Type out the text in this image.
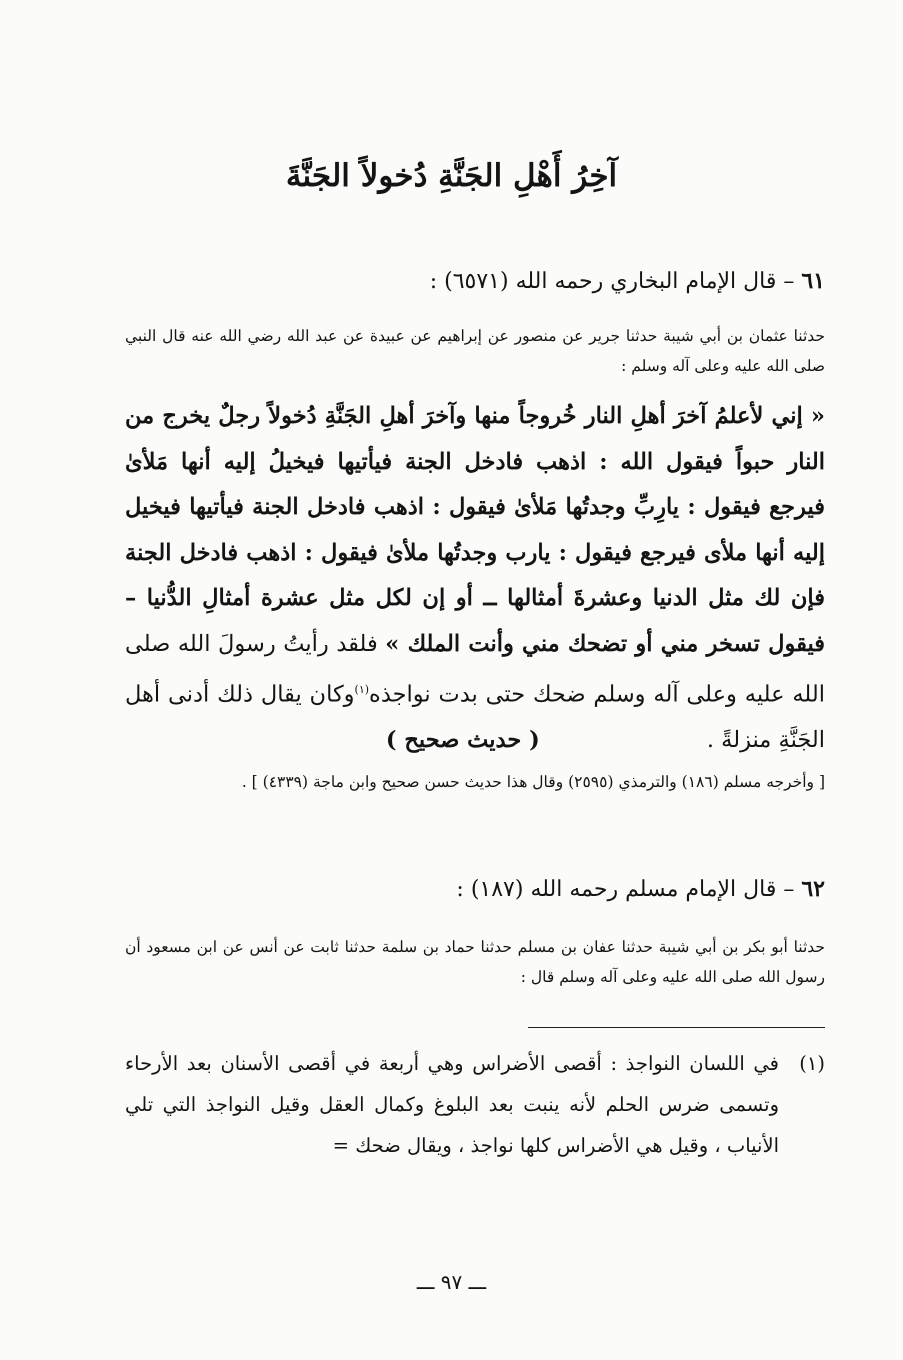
آخِرُ أَهْلِ الجَنَّةِ دُخولاً الجَنَّةَ
٦١ – قال الإمام البخاري رحمه الله (٦٥٧١) :
حدثنا عثمان بن أبي شيبة حدثنا جرير عن منصور عن إبراهيم عن عبيدة عن عبد الله رضي الله عنه قال النبي صلى الله عليه وعلى آله وسلم :
« إني لأعلمُ آخرَ أهلِ النار خُروجاً منها وآخرَ أهلِ الجَنَّةِ دُخولاً رجلٌ يخرج من النار حبواً فيقول الله : اذهب فادخل الجنة فيأتيها فيخيلُ إليه أنها مَلأىٰ فيرجع فيقول : يارِبِّ وجدتُها مَلأىٰ فيقول : اذهب فادخل الجنة فيأتيها فيخيل إليه أنها ملأى فيرجع فيقول : يارب وجدتُها ملأىٰ فيقول : اذهب فادخل الجنة فإن لك مثل الدنيا وعشرةَ أمثالها ــ أو إن لكل مثل عشرة أمثالِ الدُّنيا – فيقول تسخر مني أو تضحك مني وأنت الملك » فلقد رأيتُ رسولَ الله صلى الله عليه وعلى آله وسلم ضحك حتى بدت نواجذه$^{(١)}$وكان يقال ذلك أدنى أهل الجَنَّةِ منزلةً . ( حديث صحيح )
[ وأخرجه مسلم (١٨٦) والترمذي (٢٥٩٥) وقال هذا حديث حسن صحيح وابن ماجة (٤٣٣٩) ] .
٦٢ – قال الإمام مسلم رحمه الله (١٨٧) :
حدثنا أبو بكر بن أبي شيبة حدثنا عفان بن مسلم حدثنا حماد بن سلمة حدثنا ثابت عن أنس عن ابن مسعود أن رسول الله صلى الله عليه وعلى آله وسلم قال :
(١)
في اللسان النواجذ : أقصى الأضراس وهي أربعة في أقصى الأسنان بعد الأرحاء وتسمى ضرس الحلم لأنه ينبت بعد البلوغ وكمال العقل وقيل النواجذ التي تلي الأنياب ، وقيل هي الأضراس كلها نواجذ ، ويقال ضحك =
ـــ ٩٧ ـــ
